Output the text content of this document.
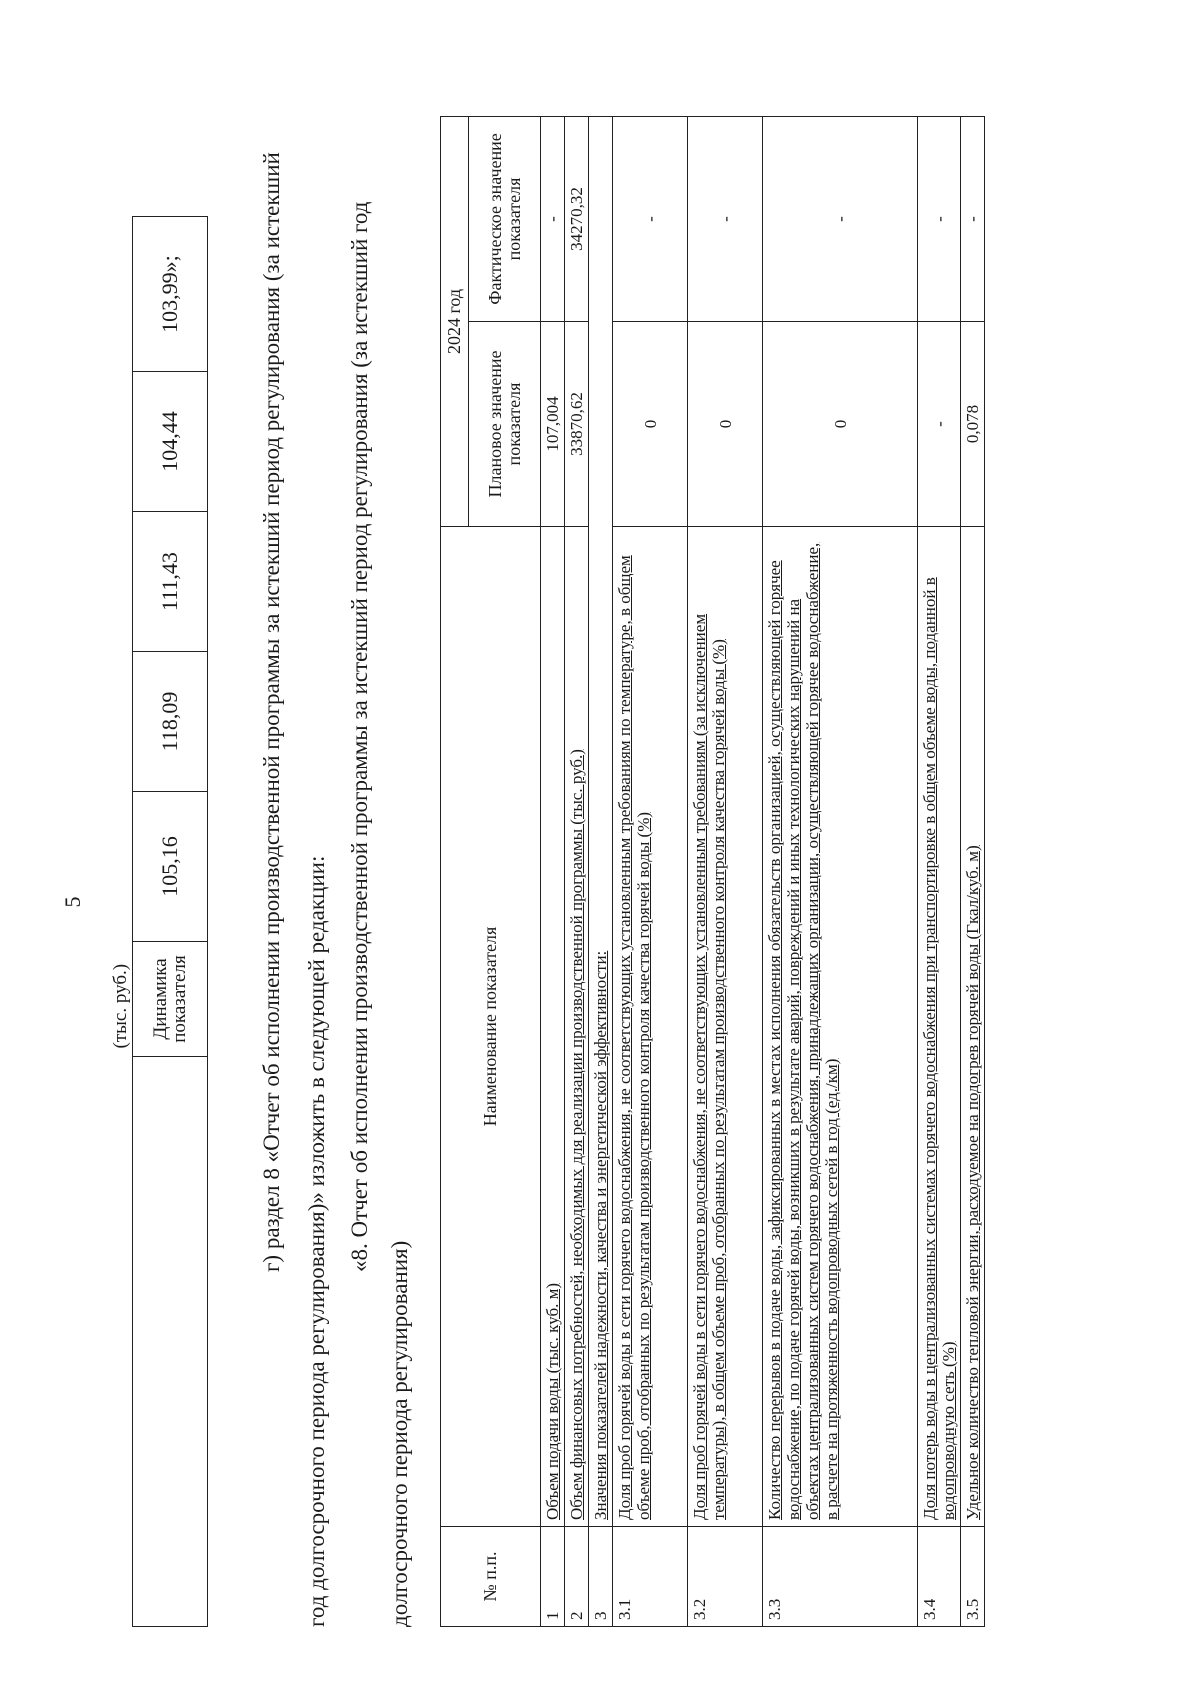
5
	(тыс. руб.)					
	Динамика показателя	105,16	118,09	111,43	104,44	103,99»;	г) раздел 8 «Отчет об исполнении производственной программы за истекший период регулирования (за истекший год долгосрочного периода регулирования)» изложить в следующей редакции: «8. Отчет об исполнении производственной программы за истекший период регулирования (за истекший год
долгосрочного периода регулирования)	№ п.п.	Наименование показателя	2024 год	
		Плановое значение показателя	Фактическое значение показателя
1	Объем подачи воды (тыс. куб. м)	107,004	-
2	Объем финансовых потребностей, необходимых для реализации производственной программы (тыс. руб.)	33870,62	34270,32
3	Значения показателей надежности, качества и энергетической эффективности:		
3.1	Доля проб горячей воды в сети горячего водоснабжения, не соответствующих установленным требованиям по температуре, в общем объеме проб, отобранных по результатам производственного контроля качества горячей воды (%)	0	-
3.2	Доля проб горячей воды в сети горячего водоснабжения, не соответствующих установленным требованиям (за исключением температуры), в общем объеме проб, отобранных по результатам производственного контроля качества горячей воды (%)	0	-
3.3	Количество перерывов в подаче воды, зафиксированных в местах исполнения обязательств организацией, осуществляющей горячее водоснабжение, по подаче горячей воды, возникших в результате аварий, повреждений и иных технологических нарушений на объектах централизованных систем горячего водоснабжения, принадлежащих организации, осуществляющей горячее водоснабжение, в расчете на протяженность водопроводных сетей в год (ед./км)	0	-
3.4	Доля потерь воды в централизованных системах горячего водоснабжения при транспортировке в общем объеме воды, поданной в водопроводную сеть (%)	-	-
3.5	Удельное количество тепловой энергии, расходуемое на подогрев горячей воды (Гкал/куб. м)	0,078	-
